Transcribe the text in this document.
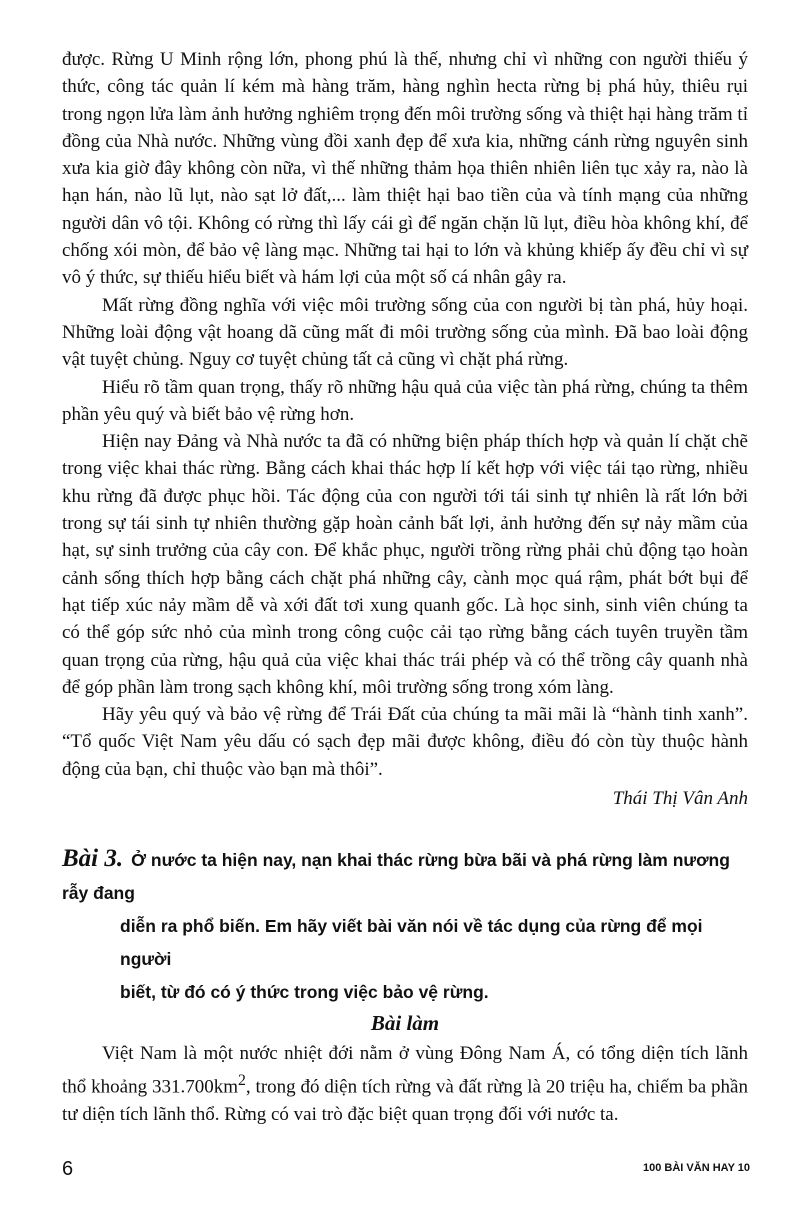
được. Rừng U Minh rộng lớn, phong phú là thế, nhưng chỉ vì những con người thiếu ý thức, công tác quản lí kém mà hàng trăm, hàng nghìn hecta rừng bị phá hủy, thiêu rụi trong ngọn lửa làm ảnh hưởng nghiêm trọng đến môi trường sống và thiệt hại hàng trăm tỉ đồng của Nhà nước. Những vùng đồi xanh đẹp để xưa kia, những cánh rừng nguyên sinh xưa kia giờ đây không còn nữa, vì thế những thảm họa thiên nhiên liên tục xảy ra, nào là hạn hán, nào lũ lụt, nào sạt lở đất,... làm thiệt hại bao tiền của và tính mạng của những người dân vô tội. Không có rừng thì lấy cái gì để ngăn chặn lũ lụt, điều hòa không khí, để chống xói mòn, để bảo vệ làng mạc. Những tai hại to lớn và khủng khiếp ấy đều chỉ vì sự vô ý thức, sự thiếu hiểu biết và hám lợi của một số cá nhân gây ra.

Mất rừng đồng nghĩa với việc môi trường sống của con người bị tàn phá, hủy hoại. Những loài động vật hoang dã cũng mất đi môi trường sống của mình. Đã bao loài động vật tuyệt chủng. Nguy cơ tuyệt chủng tất cả cũng vì chặt phá rừng.

Hiểu rõ tầm quan trọng, thấy rõ những hậu quả của việc tàn phá rừng, chúng ta thêm phần yêu quý và biết bảo vệ rừng hơn.

Hiện nay Đảng và Nhà nước ta đã có những biện pháp thích hợp và quản lí chặt chẽ trong việc khai thác rừng. Bằng cách khai thác hợp lí kết hợp với việc tái tạo rừng, nhiều khu rừng đã được phục hồi. Tác động của con người tới tái sinh tự nhiên là rất lớn bởi trong sự tái sinh tự nhiên thường gặp hoàn cảnh bất lợi, ảnh hưởng đến sự nảy mầm của hạt, sự sinh trưởng của cây con. Để khắc phục, người trồng rừng phải chủ động tạo hoàn cảnh sống thích hợp bằng cách chặt phá những cây, cành mọc quá rậm, phát bớt bụi để hạt tiếp xúc nảy mầm dễ và xới đất tơi xung quanh gốc. Là học sinh, sinh viên chúng ta có thể góp sức nhỏ của mình trong công cuộc cải tạo rừng bằng cách tuyên truyền tầm quan trọng của rừng, hậu quả của việc khai thác trái phép và có thể trồng cây quanh nhà để góp phần làm trong sạch không khí, môi trường sống trong xóm làng.

Hãy yêu quý và bảo vệ rừng để Trái Đất của chúng ta mãi mãi là “hành tinh xanh”. “Tổ quốc Việt Nam yêu dấu có sạch đẹp mãi được không, điều đó còn tùy thuộc hành động của bạn, chỉ thuộc vào bạn mà thôi”.

Thái Thị Vân Anh

Bài 3. Ở nước ta hiện nay, nạn khai thác rừng bừa bãi và phá rừng làm nương rẫy đang
diễn ra phổ biến. Em hãy viết bài văn nói về tác dụng của rừng để mọi người
biết, từ đó có ý thức trong việc bảo vệ rừng.
Bài làm

Việt Nam là một nước nhiệt đới nằm ở vùng Đông Nam Á, có tổng diện tích lãnh thổ khoảng $331.700km^2$, trong đó diện tích rừng và đất rừng là 20 triệu ha, chiếm ba phần tư diện tích lãnh thổ. Rừng có vai trò đặc biệt quan trọng đối với nước ta.

6	100 BÀI VĂN HAY 10
